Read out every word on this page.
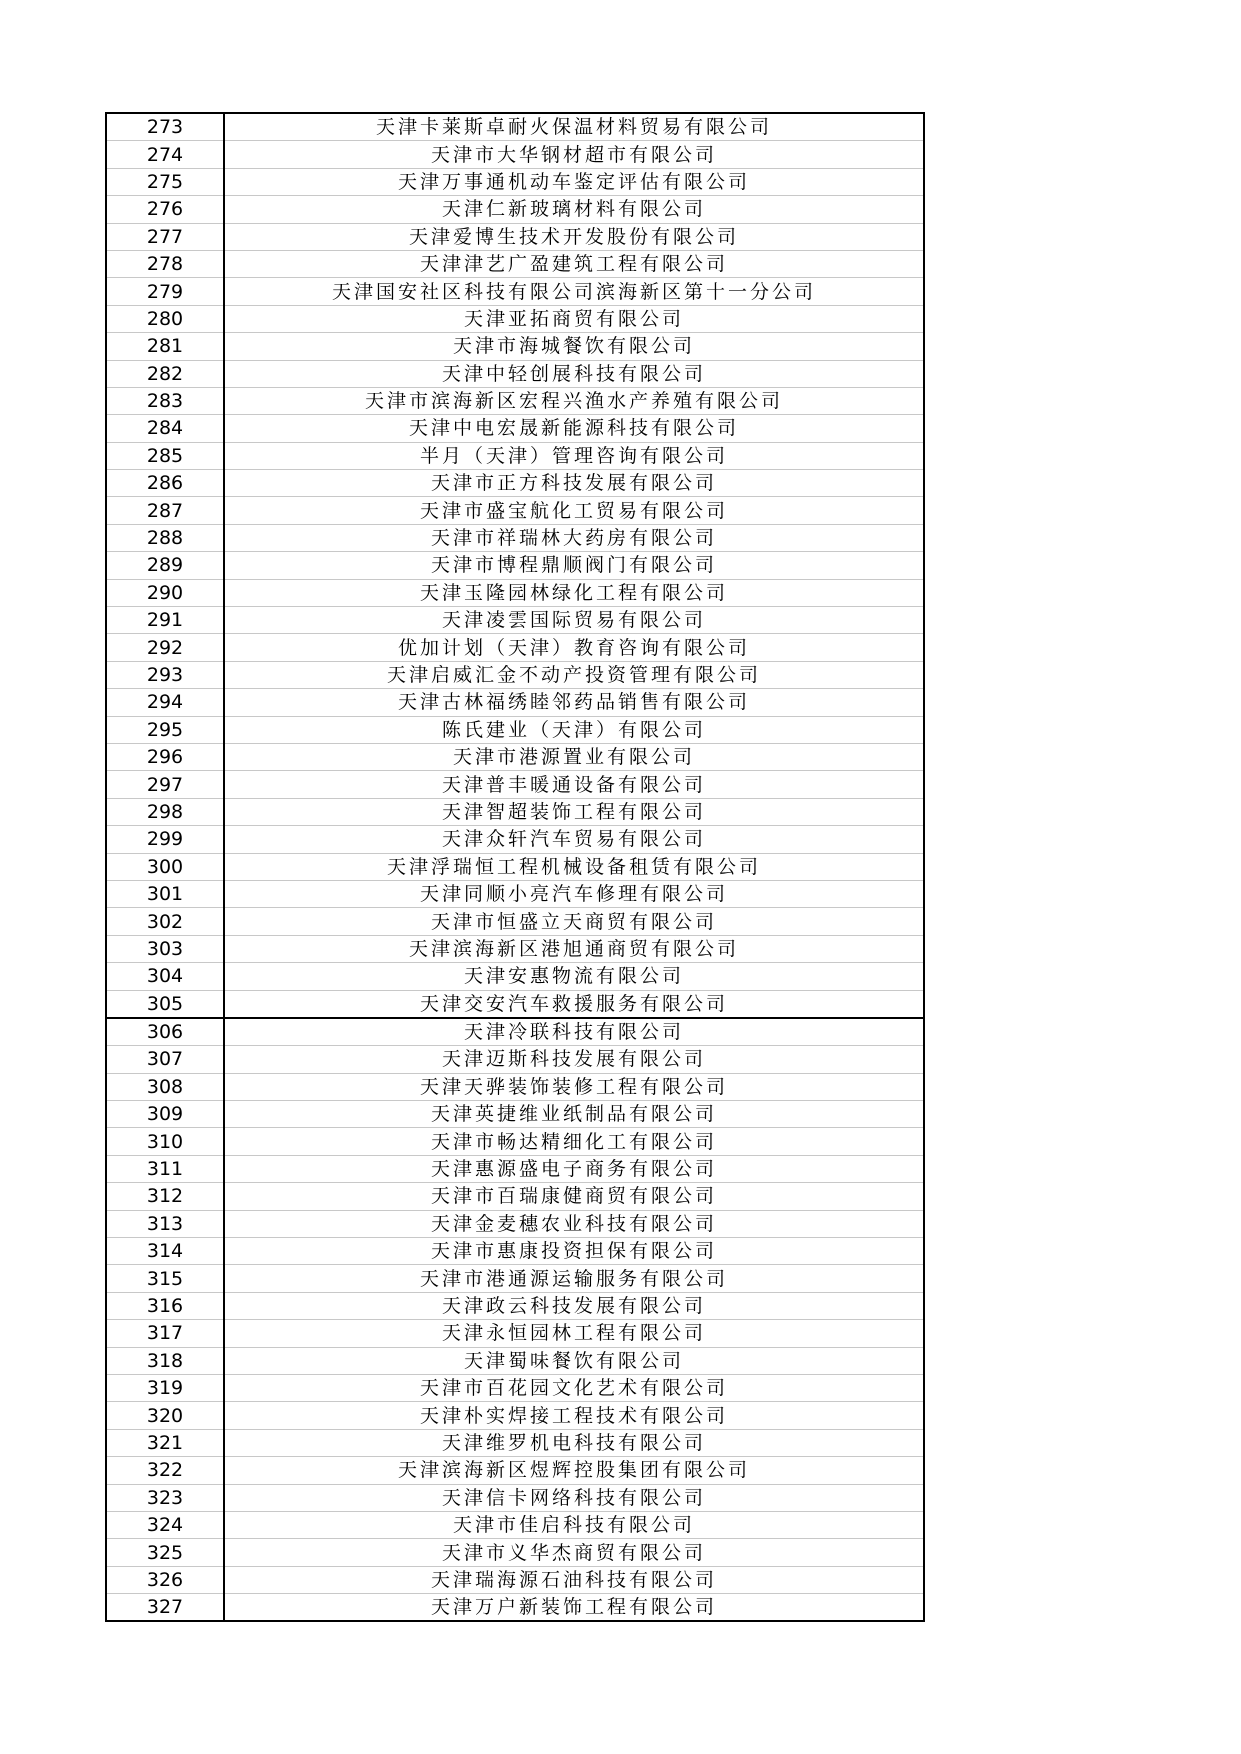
273	天津卡莱斯卓耐火保温材料贸易有限公司
274	天津市大华钢材超市有限公司
275	天津万事通机动车鉴定评估有限公司
276	天津仁新玻璃材料有限公司
277	天津爱博生技术开发股份有限公司
278	天津津艺广盈建筑工程有限公司
279	天津国安社区科技有限公司滨海新区第十一分公司
280	天津亚拓商贸有限公司
281	天津市海城餐饮有限公司
282	天津中轻创展科技有限公司
283	天津市滨海新区宏程兴渔水产养殖有限公司
284	天津中电宏晟新能源科技有限公司
285	半月（天津）管理咨询有限公司
286	天津市正方科技发展有限公司
287	天津市盛宝航化工贸易有限公司
288	天津市祥瑞林大药房有限公司
289	天津市博程鼎顺阀门有限公司
290	天津玉隆园林绿化工程有限公司
291	天津凌雲国际贸易有限公司
292	优加计划（天津）教育咨询有限公司
293	天津启威汇金不动产投资管理有限公司
294	天津古林福绣睦邻药品销售有限公司
295	陈氏建业（天津）有限公司
296	天津市港源置业有限公司
297	天津普丰暖通设备有限公司
298	天津智超装饰工程有限公司
299	天津众轩汽车贸易有限公司
300	天津浮瑞恒工程机械设备租赁有限公司
301	天津同顺小亮汽车修理有限公司
302	天津市恒盛立天商贸有限公司
303	天津滨海新区港旭通商贸有限公司
304	天津安惠物流有限公司
305	天津交安汽车救援服务有限公司
306	天津冷联科技有限公司
307	天津迈斯科技发展有限公司
308	天津天骅装饰装修工程有限公司
309	天津英捷维业纸制品有限公司
310	天津市畅达精细化工有限公司
311	天津惠源盛电子商务有限公司
312	天津市百瑞康健商贸有限公司
313	天津金麦穗农业科技有限公司
314	天津市惠康投资担保有限公司
315	天津市港通源运输服务有限公司
316	天津政云科技发展有限公司
317	天津永恒园林工程有限公司
318	天津蜀味餐饮有限公司
319	天津市百花园文化艺术有限公司
320	天津朴实焊接工程技术有限公司
321	天津维罗机电科技有限公司
322	天津滨海新区煜辉控股集团有限公司
323	天津信卡网络科技有限公司
324	天津市佳启科技有限公司
325	天津市义华杰商贸有限公司
326	天津瑞海源石油科技有限公司
327	天津万户新装饰工程有限公司
